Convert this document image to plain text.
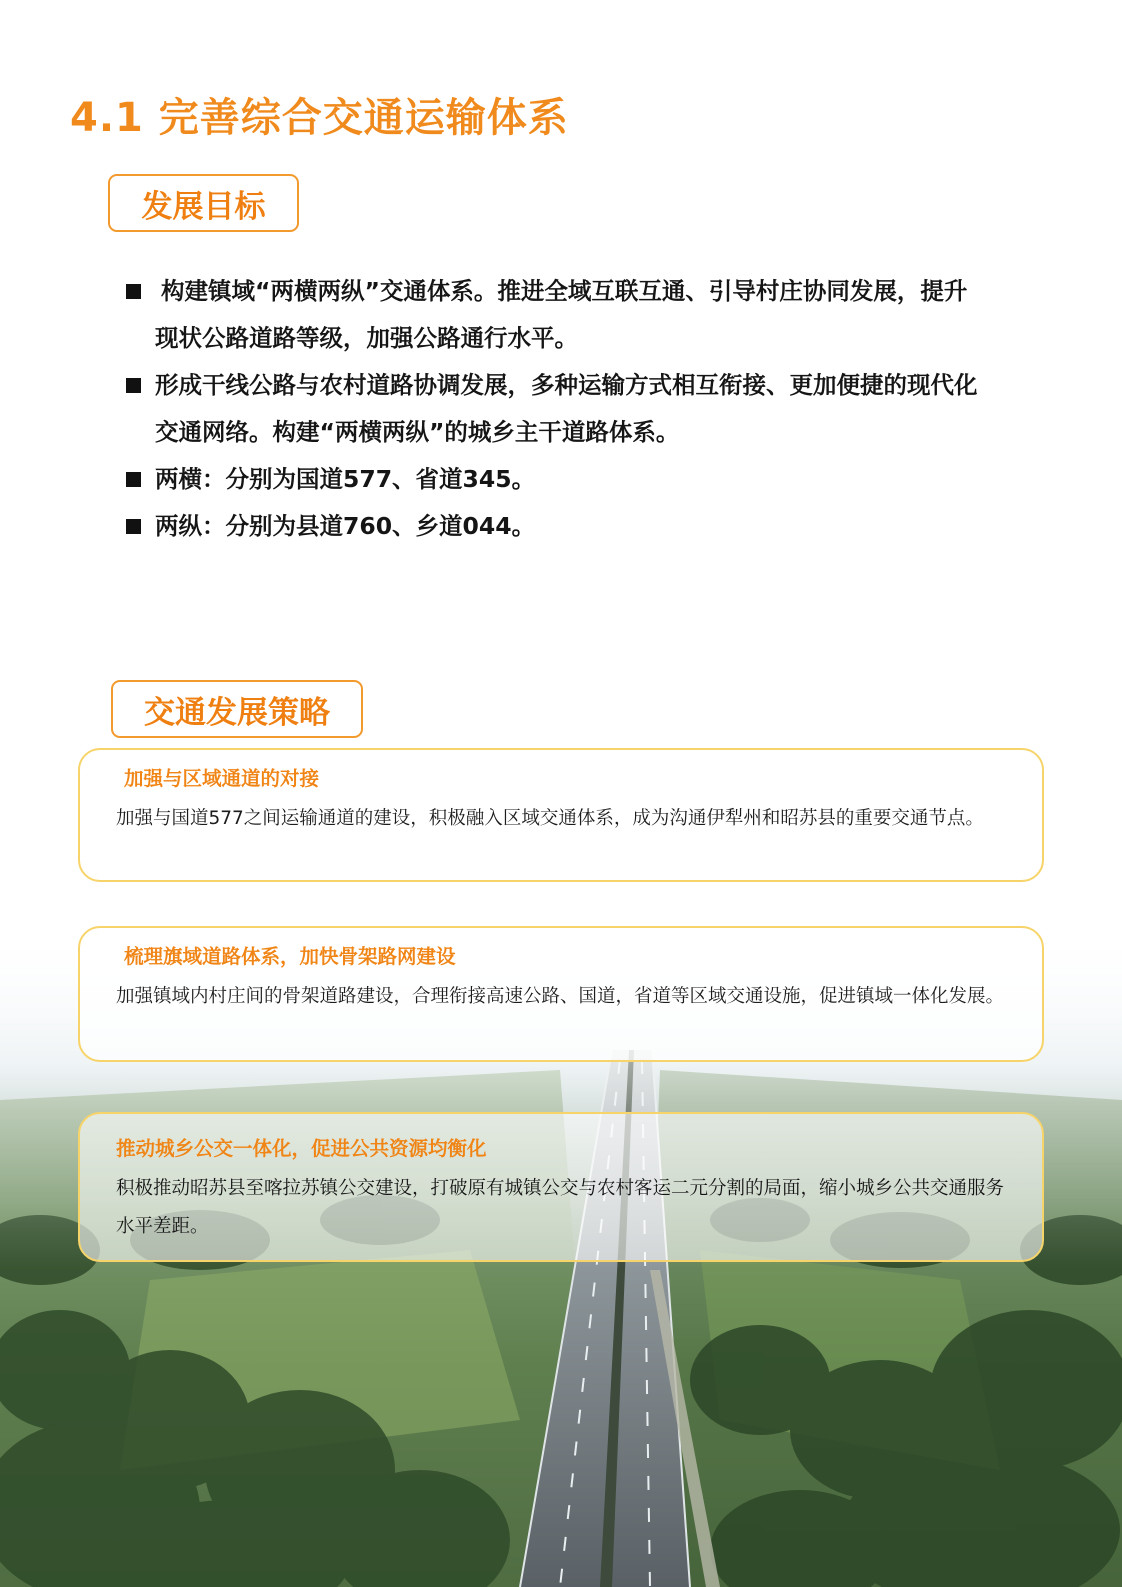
4.1 完善综合交通运输体系
发展目标
构建镇域“两横两纵”交通体系。推进全域互联互通、引导村庄协同发展，提升现状公路道路等级，加强公路通行水平。
形成干线公路与农村道路协调发展，多种运输方式相互衔接、更加便捷的现代化交通网络。构建“两横两纵”的城乡主干道路体系。
两横：分别为国道577、省道345。
两纵：分别为县道760、乡道044。
交通发展策略
加强与区域通道的对接
加强与国道577之间运输通道的建设，积极融入区域交通体系，成为沟通伊犁州和昭苏县的重要交通节点。
梳理旗域道路体系，加快骨架路网建设
加强镇域内村庄间的骨架道路建设，合理衔接高速公路、国道，省道等区域交通设施，促进镇域一体化发展。
推动城乡公交一体化，促进公共资源均衡化
积极推动昭苏县至喀拉苏镇公交建设，打破原有城镇公交与农村客运二元分割的局面，缩小城乡公共交通服务水平差距。
